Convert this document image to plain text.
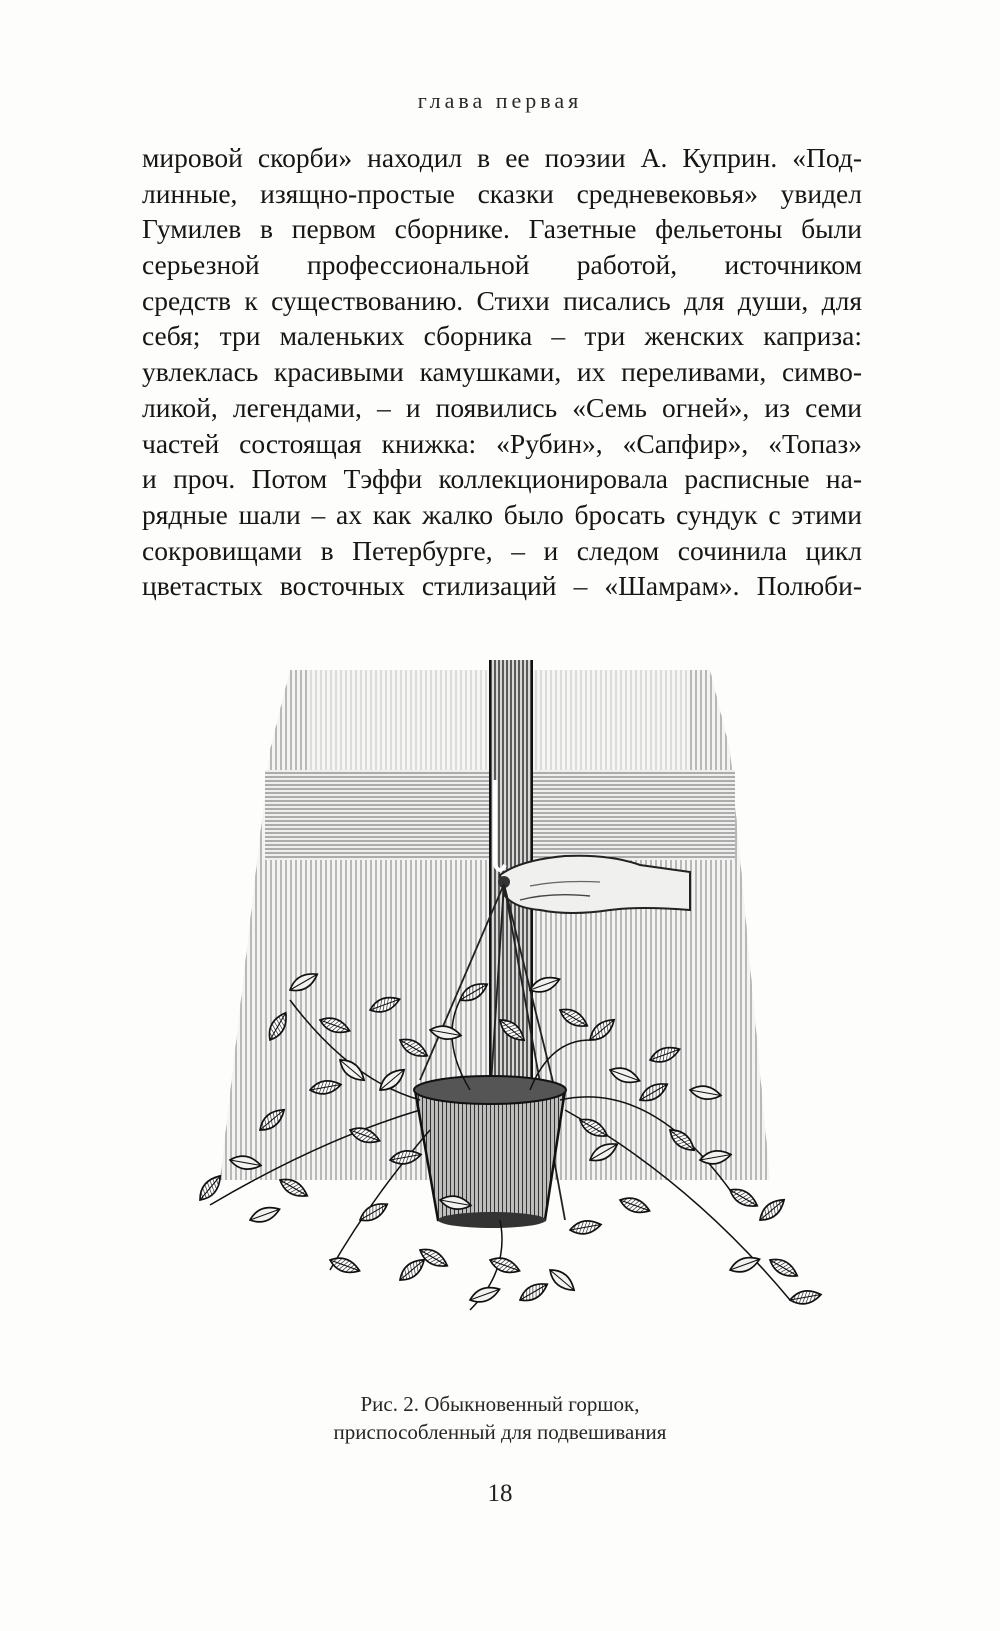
глава первая
мировой скорби» находил в ее поэзии А. Куприн. «Под-
линные, изящно-простые сказки средневековья» увидел
Гумилев в первом сборнике. Газетные фельетоны были
серьезной профессиональной работой, источником
средств к существованию. Стихи писались для души, для
себя; три маленьких сборника – три женских каприза:
увлеклась красивыми камушками, их переливами, симво-
ликой, легендами, – и появились «Семь огней», из семи
частей состоящая книжка: «Рубин», «Сапфир», «Топаз»
и проч. Потом Тэффи коллекционировала расписные на-
рядные шали – ах как жалко было бросать сундук с этими
сокровищами в Петербурге, – и следом сочинила цикл
цветастых восточных стилизаций – «Шамрам». Полюби-
Рис. 2. Обыкновенный горшок,
приспособленный для подвешивания
18
